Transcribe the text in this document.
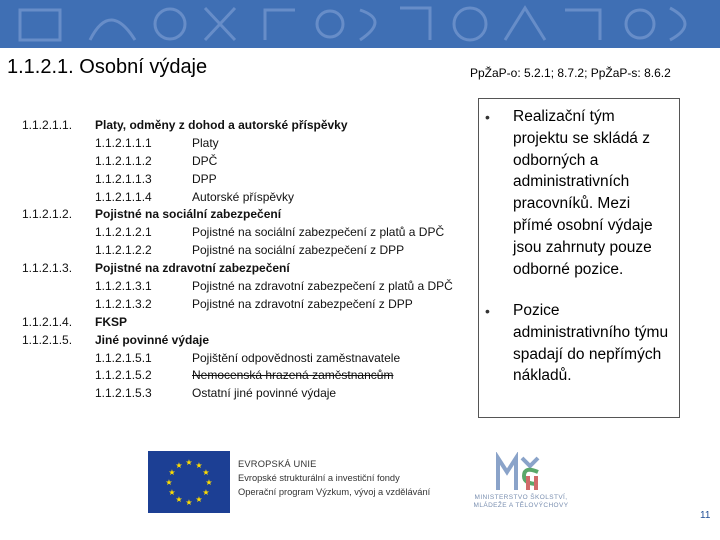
1.1.2.1. Osobní výdaje	PpŽaP-o: 5.2.1; 8.7.2; PpŽaP-s: 8.6.2
1.1.2.1.1.	Platy, odměny z dohod a autorské příspěvky
1.1.2.1.1.1	Platy
1.1.2.1.1.2	DPČ
1.1.2.1.1.3	DPP
1.1.2.1.1.4	Autorské příspěvky
1.1.2.1.2.	Pojistné na sociální zabezpečení
1.1.2.1.2.1	Pojistné na sociální zabezpečení z platů a DPČ
1.1.2.1.2.2	Pojistné na sociální zabezpečení z DPP
1.1.2.1.3.	Pojistné na zdravotní zabezpečení
1.1.2.1.3.1	Pojistné na zdravotní zabezpečení z platů a DPČ
1.1.2.1.3.2	Pojistné na zdravotní zabezpečení z DPP
1.1.2.1.4.	FKSP
1.1.2.1.5.	Jiné povinné výdaje
1.1.2.1.5.1	Pojištění odpovědnosti zaměstnavatele
1.1.2.1.5.2	Nemocenská hrazená zaměstnancům
1.1.2.1.5.3	Ostatní jiné povinné výdaje
• Realizační tým projektu se skládá z odborných a administrativních pracovníků. Mezi přímé osobní výdaje jsou zahrnuty pouze odborné pozice.
• Pozice administrativního týmu spadají do nepřímých nákladů.
★ ★
★
★
★
★
★
★
★
★
★
★	EVROPSKÁ UNIE
Evropské strukturální a investiční fondy
Operační program Výzkum, vývoj a vzdělávání
MINISTERSTVO ŠKOLSTVÍ,
MLÁDEŽE A TĚLOVÝCHOVY
11
